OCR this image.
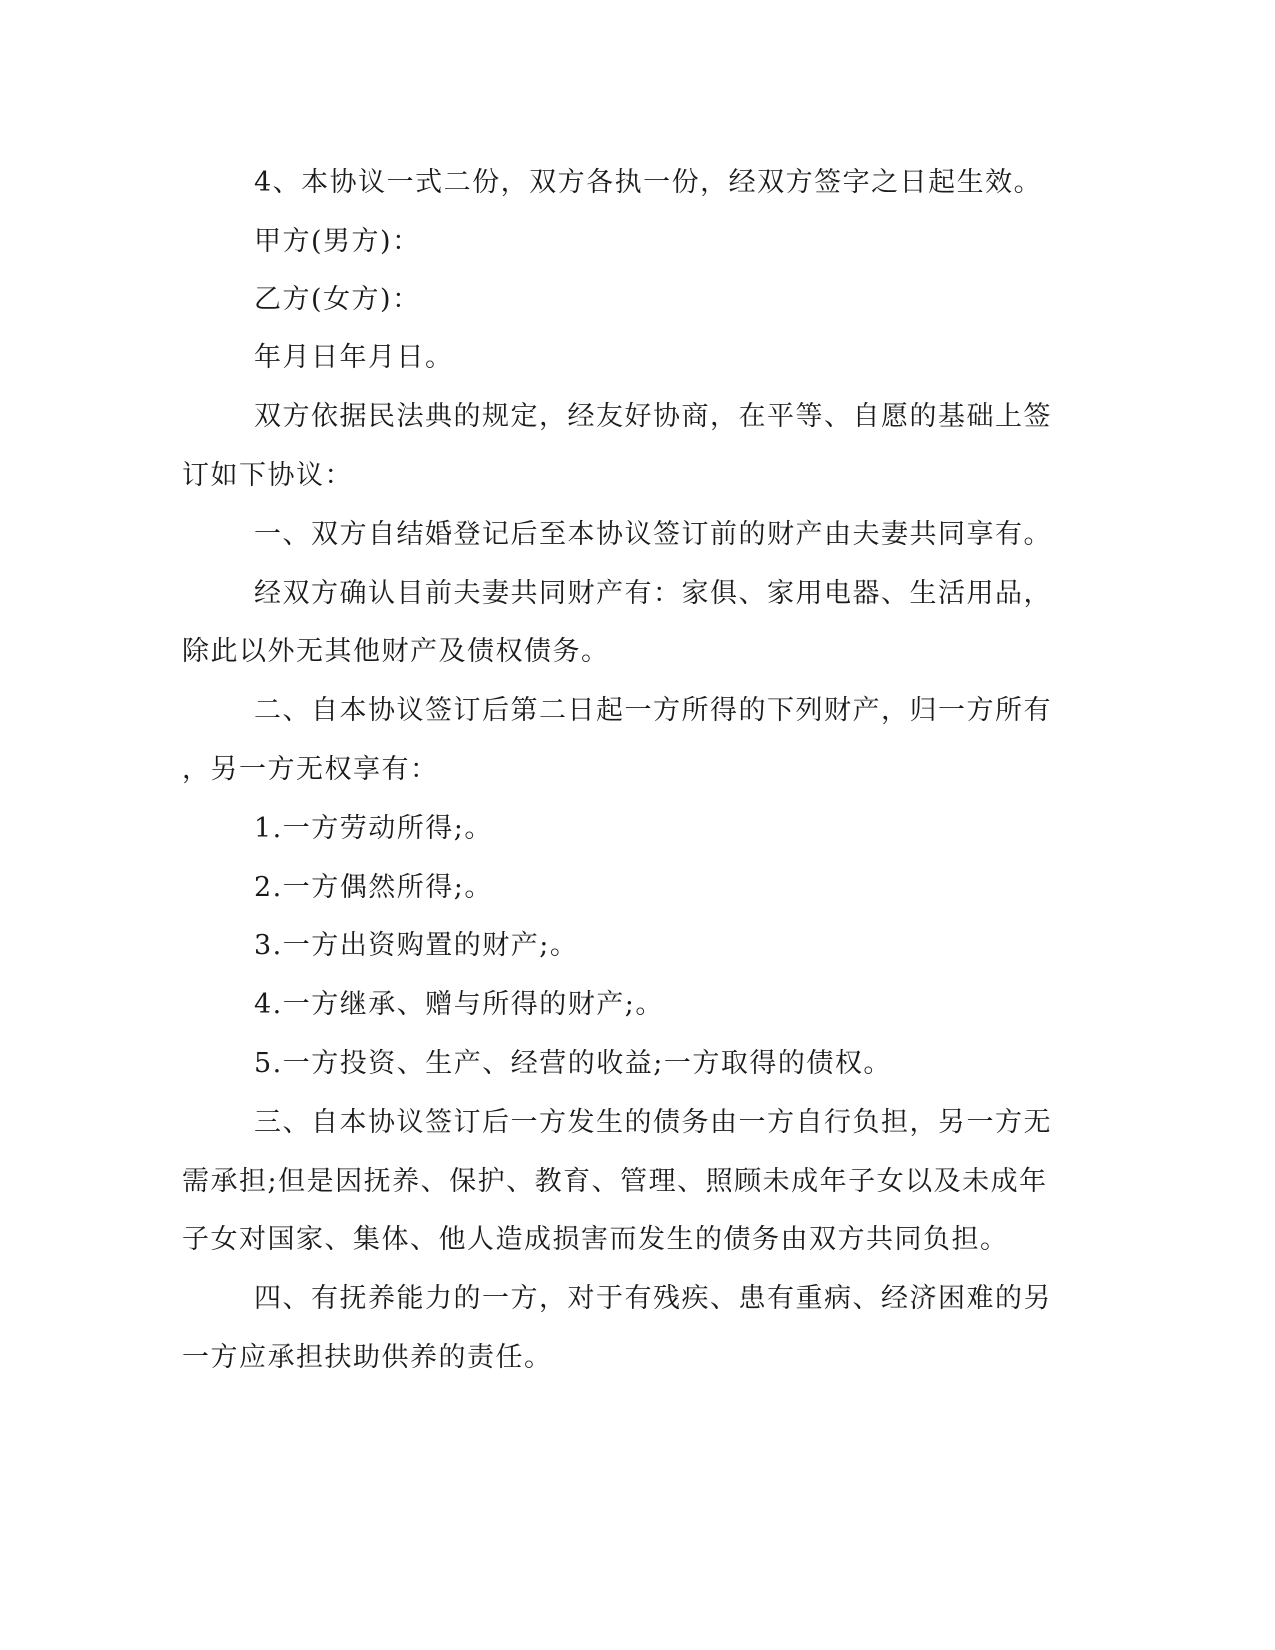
4、本协议一式二份，双方各执一份，经双方签字之日起生效。
甲方(男方)：
乙方(女方)：
年月日年月日。
双方依据民法典的规定，经友好协商，在平等、自愿的基础上签
订如下协议：
一、双方自结婚登记后至本协议签订前的财产由夫妻共同享有。
经双方确认目前夫妻共同财产有：家俱、家用电器、生活用品，
除此以外无其他财产及债权债务。
二、自本协议签订后第二日起一方所得的下列财产，归一方所有
，另一方无权享有：
1.一方劳动所得;。
2.一方偶然所得;。
3.一方出资购置的财产;。
4.一方继承、赠与所得的财产;。
5.一方投资、生产、经营的收益;一方取得的债权。
三、自本协议签订后一方发生的债务由一方自行负担，另一方无
需承担;但是因抚养、保护、教育、管理、照顾未成年子女以及未成年
子女对国家、集体、他人造成损害而发生的债务由双方共同负担。
四、有抚养能力的一方，对于有残疾、患有重病、经济困难的另
一方应承担扶助供养的责任。
